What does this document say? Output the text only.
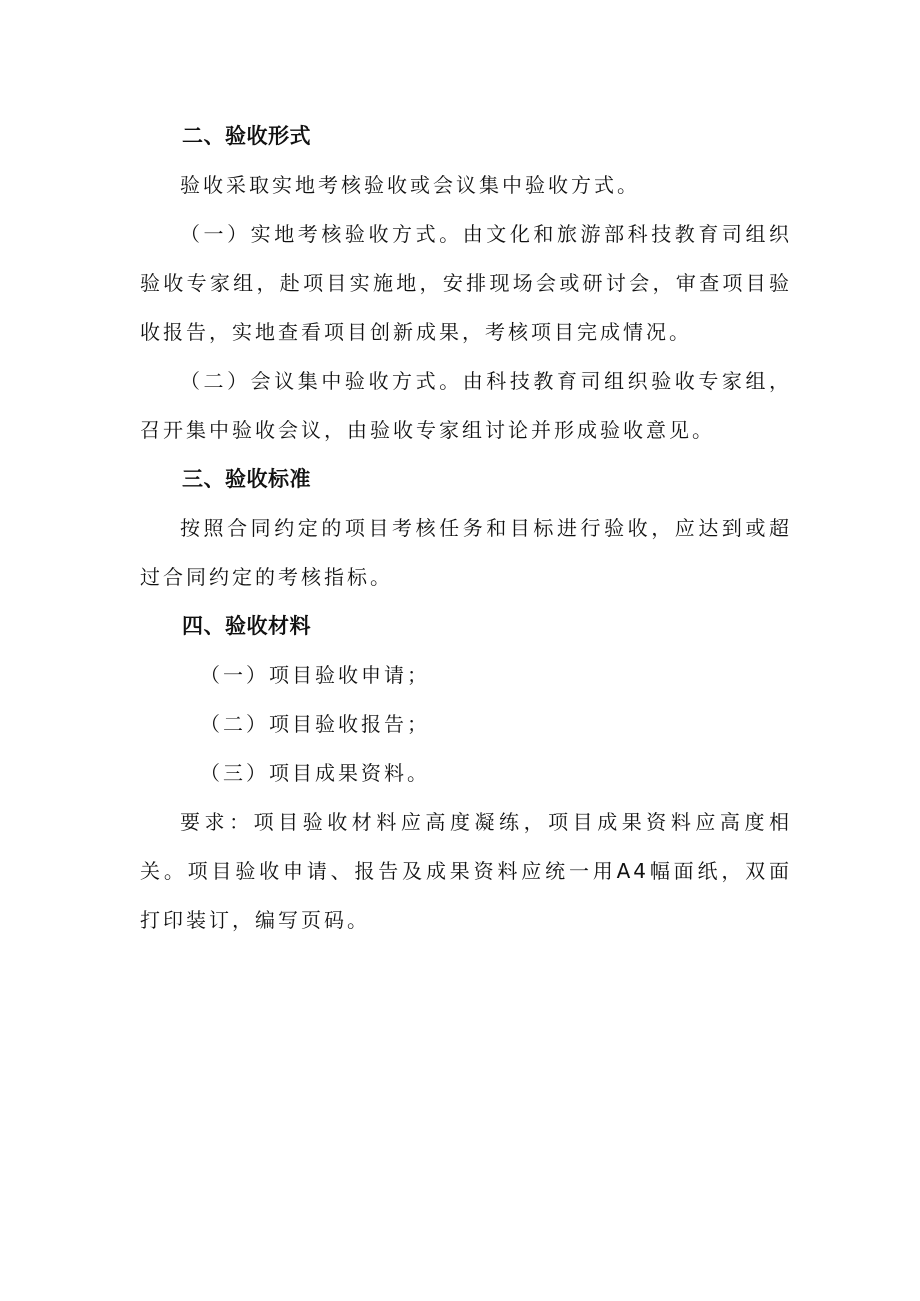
二、验收形式

验收采取实地考核验收或会议集中验收方式。

（一）实地考核验收方式。由文化和旅游部科技教育司组织验收专家组，赴项目实施地，安排现场会或研讨会，审查项目验收报告，实地查看项目创新成果，考核项目完成情况。

（二）会议集中验收方式。由科技教育司组织验收专家组，召开集中验收会议，由验收专家组讨论并形成验收意见。

三、验收标准

按照合同约定的项目考核任务和目标进行验收，应达到或超过合同约定的考核指标。

四、验收材料

（一）项目验收申请；

（二）项目验收报告；

（三）项目成果资料。

要求：项目验收材料应高度凝练，项目成果资料应高度相关。项目验收申请、报告及成果资料应统一用A4幅面纸，双面打印装订，编写页码。
